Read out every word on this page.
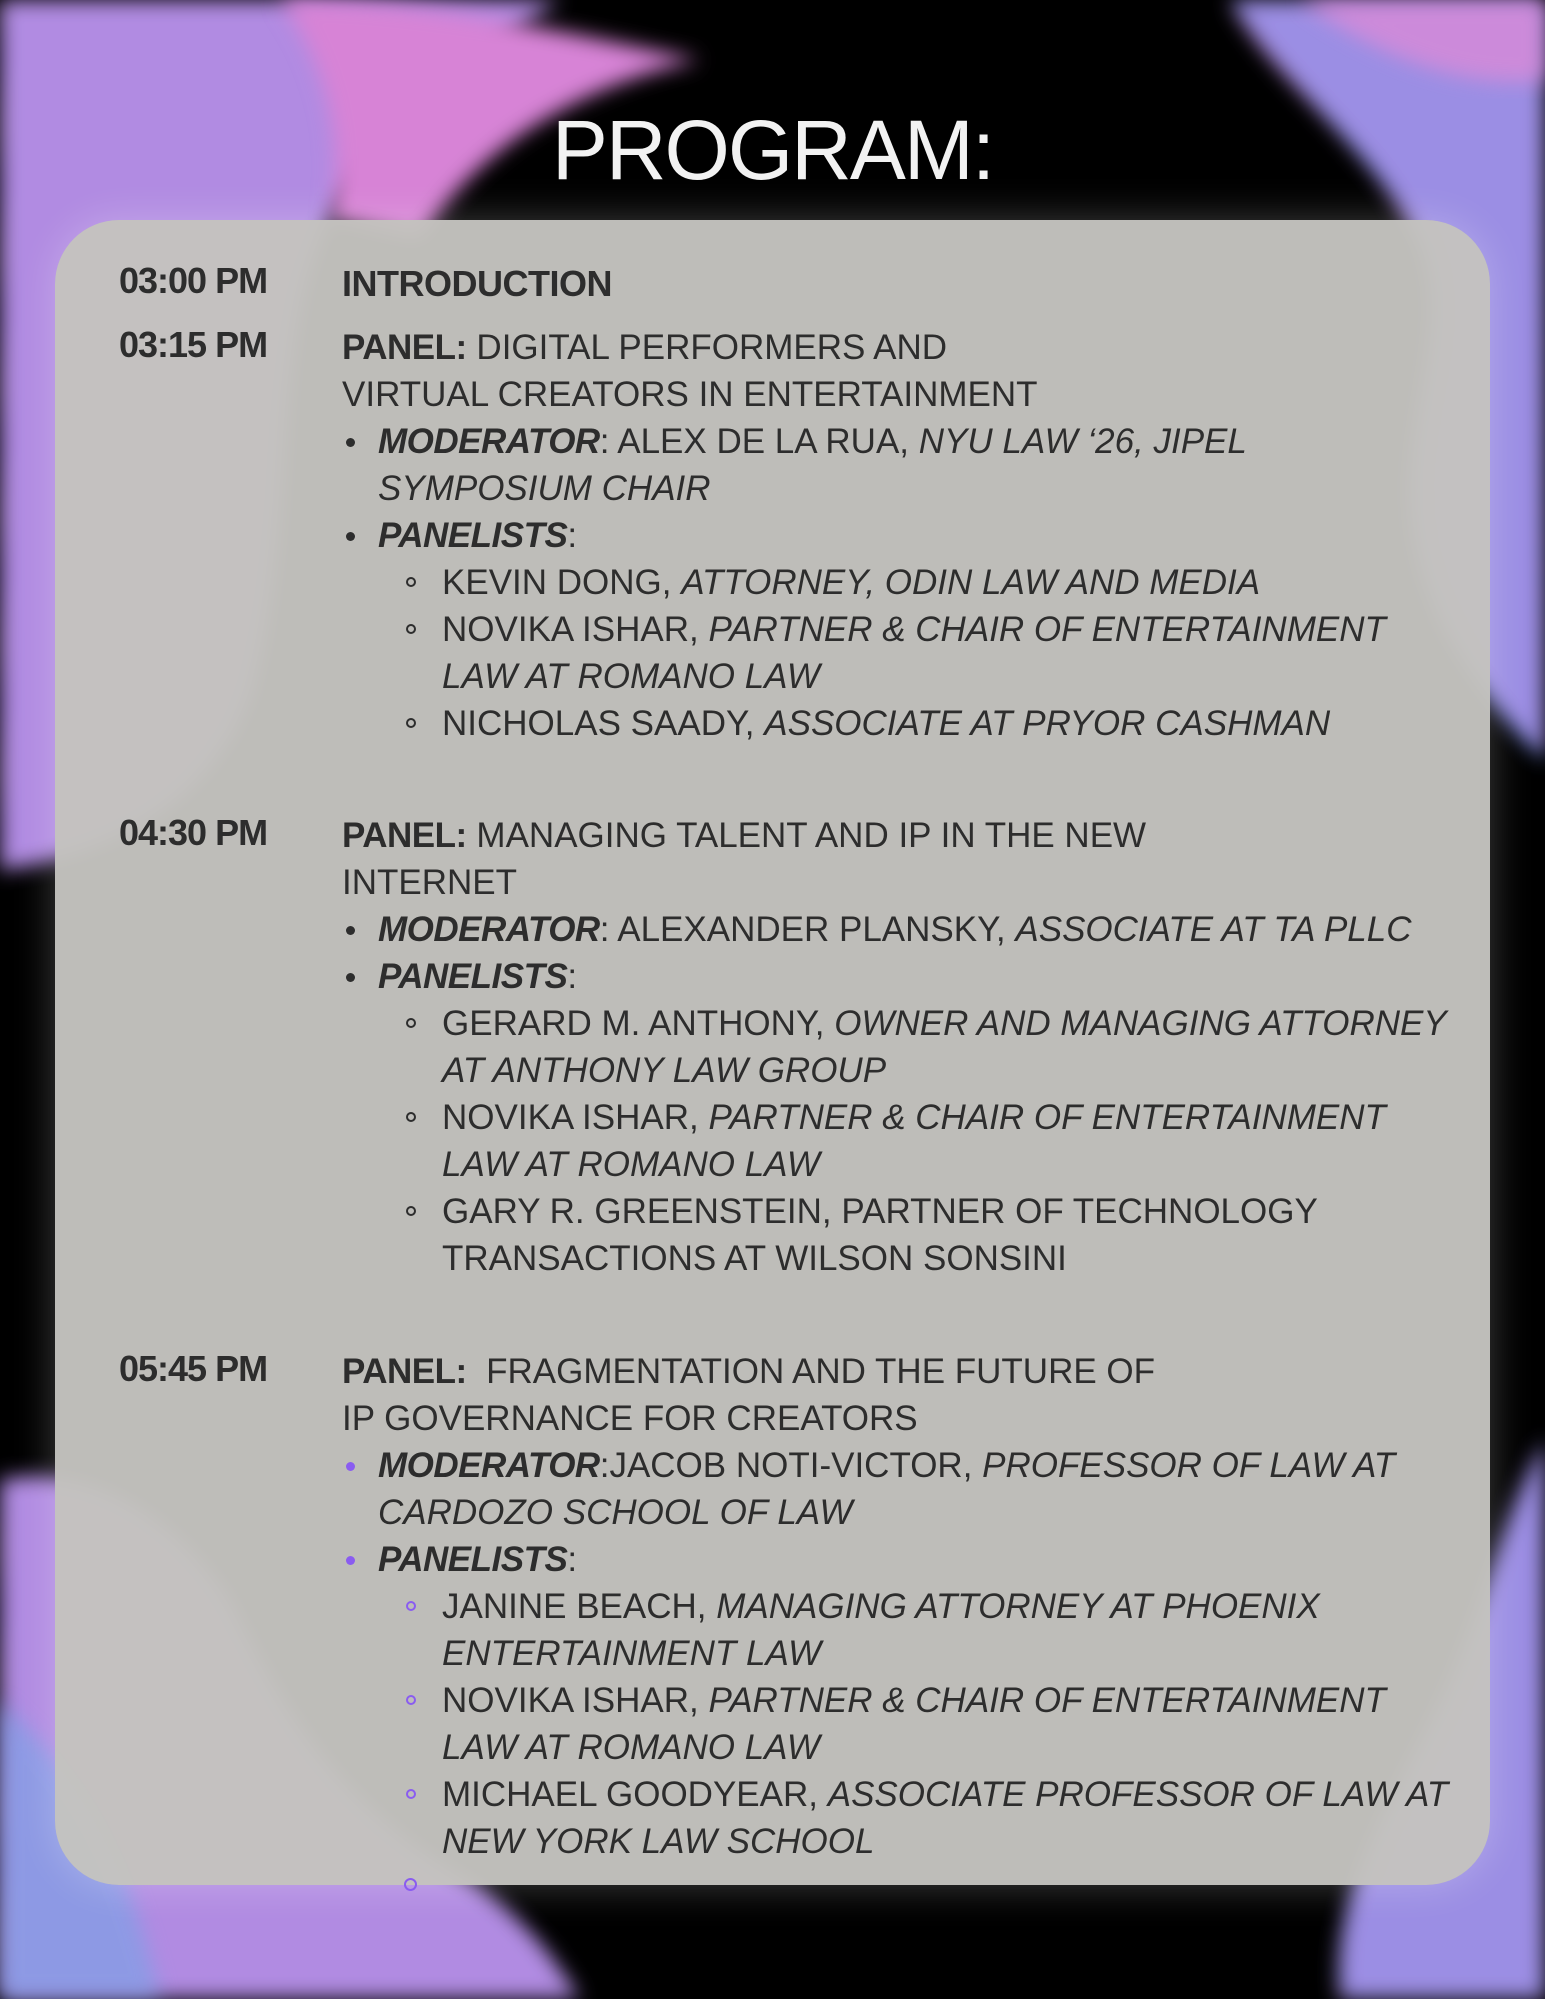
PROGRAM:
03:00 PM INTRODUCTION
03:15 PM PANEL: DIGITAL PERFORMERS AND VIRTUAL CREATORS IN ENTERTAINMENT
MODERATOR: ALEX DE LA RUA, NYU LAW ‘26, JIPEL SYMPOSIUM CHAIR
PANELISTS:
KEVIN DONG, ATTORNEY, ODIN LAW AND MEDIA
NOVIKA ISHAR, PARTNER & CHAIR OF ENTERTAINMENT LAW AT ROMANO LAW
NICHOLAS SAADY, ASSOCIATE AT PRYOR CASHMAN
04:30 PM PANEL: MANAGING TALENT AND IP IN THE NEW INTERNET
MODERATOR: ALEXANDER PLANSKY, ASSOCIATE AT TA PLLC
PANELISTS:
GERARD M. ANTHONY, OWNER AND MANAGING ATTORNEY AT ANTHONY LAW GROUP
NOVIKA ISHAR, PARTNER & CHAIR OF ENTERTAINMENT LAW AT ROMANO LAW
GARY R. GREENSTEIN, PARTNER OF TECHNOLOGY TRANSACTIONS AT WILSON SONSINI
05:45 PM PANEL:  FRAGMENTATION AND THE FUTURE OF IP GOVERNANCE FOR CREATORS
MODERATOR:JACOB NOTI-VICTOR, PROFESSOR OF LAW AT CARDOZO SCHOOL OF LAW
PANELISTS:
JANINE BEACH, MANAGING ATTORNEY AT PHOENIX ENTERTAINMENT LAW
NOVIKA ISHAR, PARTNER & CHAIR OF ENTERTAINMENT LAW AT ROMANO LAW
MICHAEL GOODYEAR, ASSOCIATE PROFESSOR OF LAW AT NEW YORK LAW SCHOOL
